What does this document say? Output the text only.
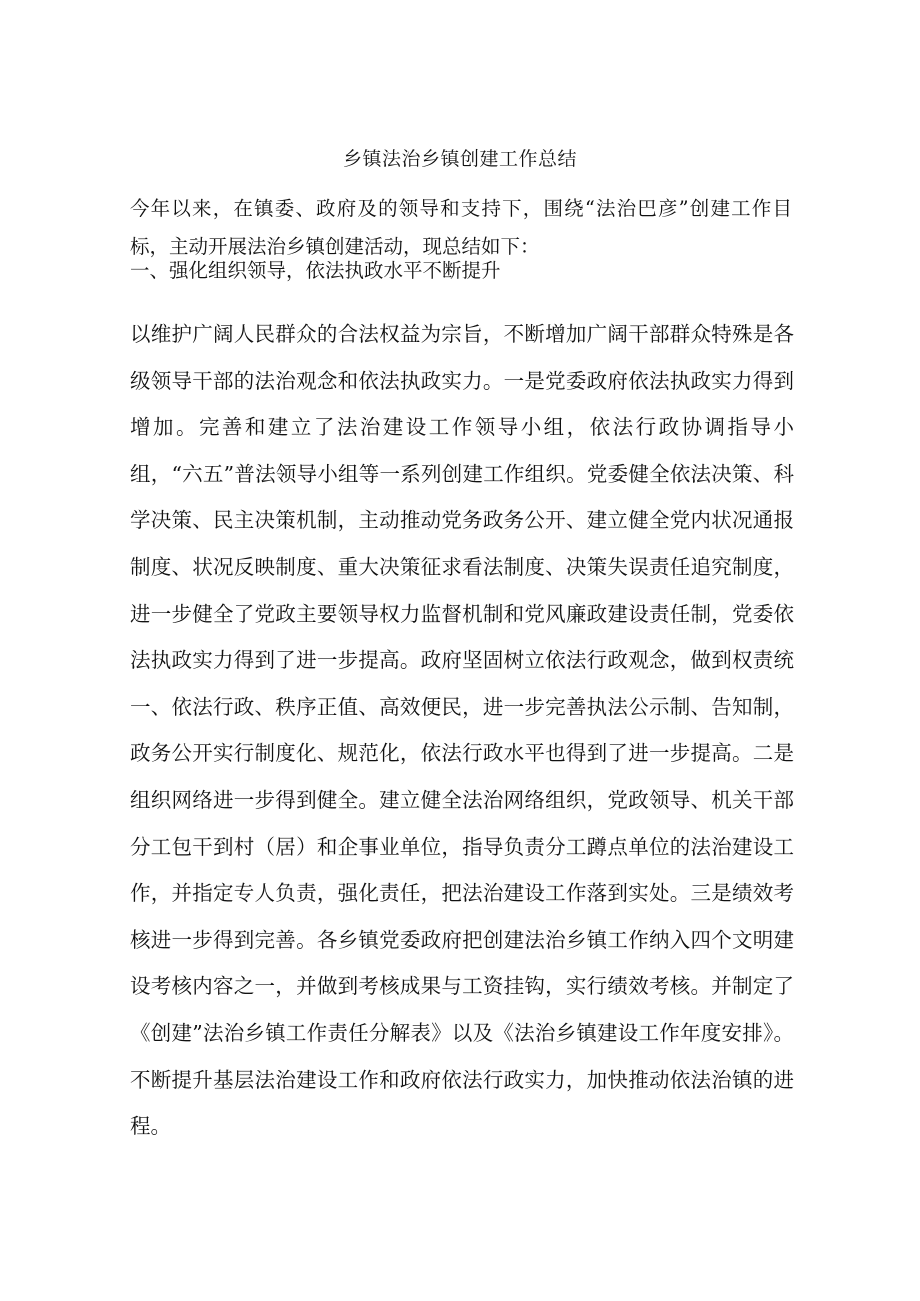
乡镇法治乡镇创建工作总结

今年以来，在镇委、政府及的领导和支持下，围绕“法治巴彦”创建工作目标，主动开展法治乡镇创建活动，现总结如下：

一、强化组织领导，依法执政水平不断提升

以维护广阔人民群众的合法权益为宗旨，不断增加广阔干部群众特殊是各级领导干部的法治观念和依法执政实力。一是党委政府依法执政实力得到增加。完善和建立了法治建设工作领导小组，依法行政协调指导小组，“六五”普法领导小组等一系列创建工作组织。党委健全依法决策、科学决策、民主决策机制，主动推动党务政务公开、建立健全党内状况通报制度、状况反映制度、重大决策征求看法制度、决策失误责任追究制度，进一步健全了党政主要领导权力监督机制和党风廉政建设责任制，党委依法执政实力得到了进一步提高。政府坚固树立依法行政观念，做到权责统一、依法行政、秩序正值、高效便民，进一步完善执法公示制、告知制，政务公开实行制度化、规范化，依法行政水平也得到了进一步提高。二是组织网络进一步得到健全。建立健全法治网络组织，党政领导、机关干部分工包干到村（居）和企事业单位，指导负责分工蹲点单位的法治建设工作，并指定专人负责，强化责任，把法治建设工作落到实处。三是绩效考核进一步得到完善。各乡镇党委政府把创建法治乡镇工作纳入四个文明建设考核内容之一，并做到考核成果与工资挂钩，实行绩效考核。并制定了《创建”法治乡镇工作责任分解表》以及《法治乡镇建设工作年度安排》。不断提升基层法治建设工作和政府依法行政实力，加快推动依法治镇的进程。
